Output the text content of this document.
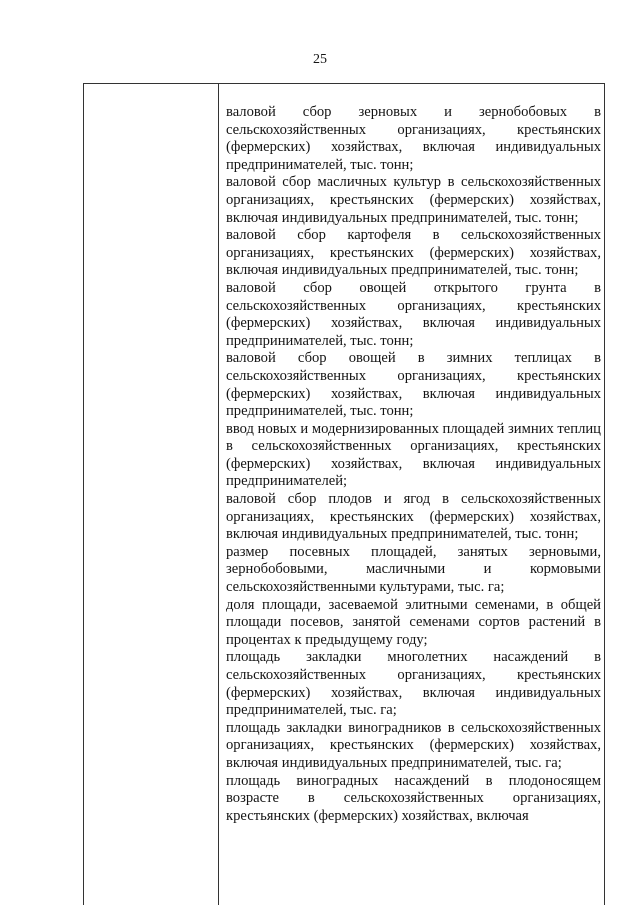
25

валовой сбор зерновых и зернобобовых в сельскохозяйственных организациях, крестьянских (фермерских) хозяйствах, включая индивидуальных предпринимателей, тыс. тонн;

валовой сбор масличных культур в сельскохозяйственных организациях, крестьянских (фермерских) хозяйствах, включая индивидуальных предпринимателей, тыс. тонн;

валовой сбор картофеля в сельскохозяйственных организациях, крестьянских (фермерских) хозяйствах, включая индивидуальных предпринимателей, тыс. тонн;

валовой сбор овощей открытого грунта в сельскохозяйственных организациях, крестьянских (фермерских) хозяйствах, включая индивидуальных предпринимателей, тыс. тонн;

валовой сбор овощей в зимних теплицах в сельскохозяйственных организациях, крестьянских (фермерских) хозяйствах, включая индивидуальных предпринимателей, тыс. тонн;

ввод новых и модернизированных площадей зимних теплиц в сельскохозяйственных организациях, крестьянских (фермерских) хозяйствах, включая индивидуальных предпринимателей;

валовой сбор плодов и ягод в сельскохозяйственных организациях, крестьянских (фермерских) хозяйствах, включая индивидуальных предпринимателей, тыс. тонн;

размер посевных площадей, занятых зерновыми, зернобобовыми, масличными и кормовыми сельскохозяйственными культурами, тыс. га;

доля площади, засеваемой элитными семенами, в общей площади посевов, занятой семенами сортов растений в процентах к предыдущему году;

площадь закладки многолетних насаждений в сельскохозяйственных организациях, крестьянских (фермерских) хозяйствах, включая индивидуальных предпринимателей, тыс. га;

площадь закладки виноградников в сельскохозяйственных организациях, крестьянских (фермерских) хозяйствах, включая индивидуальных предпринимателей, тыс. га;

площадь виноградных насаждений в плодоносящем возрасте в сельскохозяйственных организациях, крестьянских (фермерских) хозяйствах, включая
